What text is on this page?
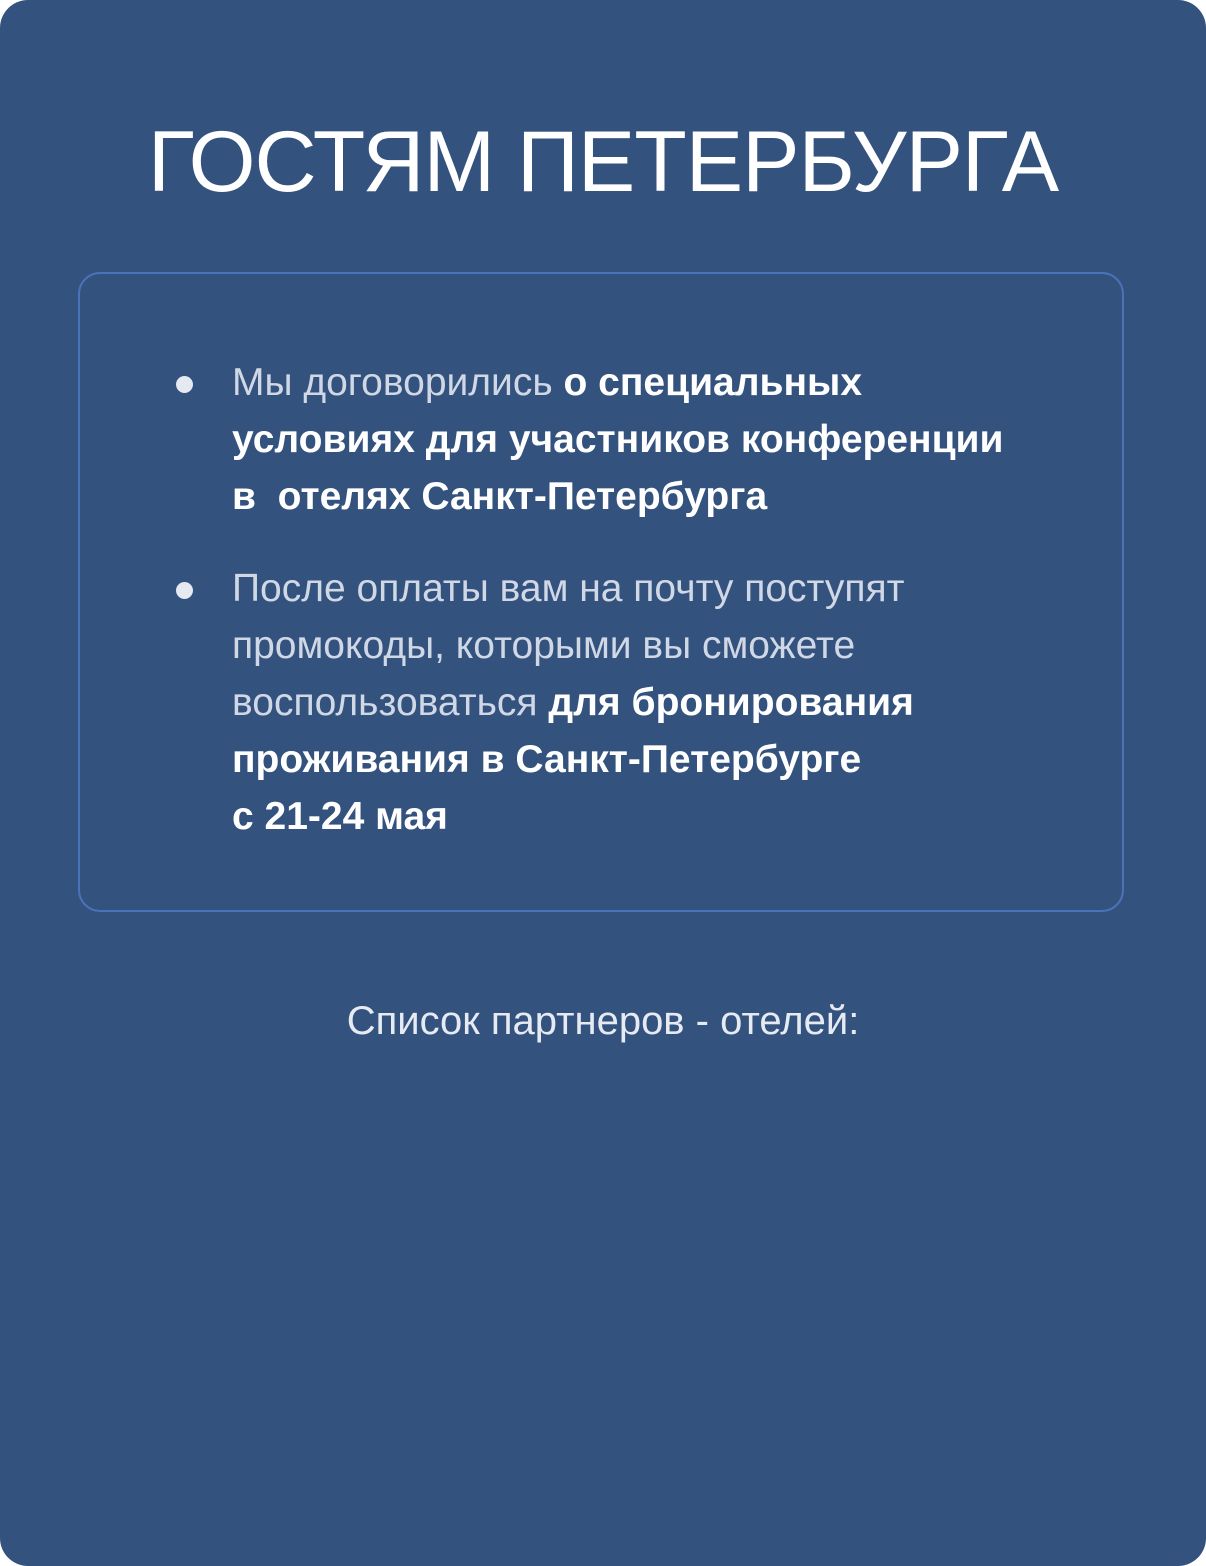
ГОСТЯМ ПЕТЕРБУРГА
Мы договорились о специальных
условиях для участников конференции
в  отелях Санкт-Петербурга
После оплаты вам на почту поступят
промокоды, которыми вы сможете
воспользоваться для бронирования
проживания в Санкт-Петербурге
с 21-24 мая
Список партнеров - отелей:
